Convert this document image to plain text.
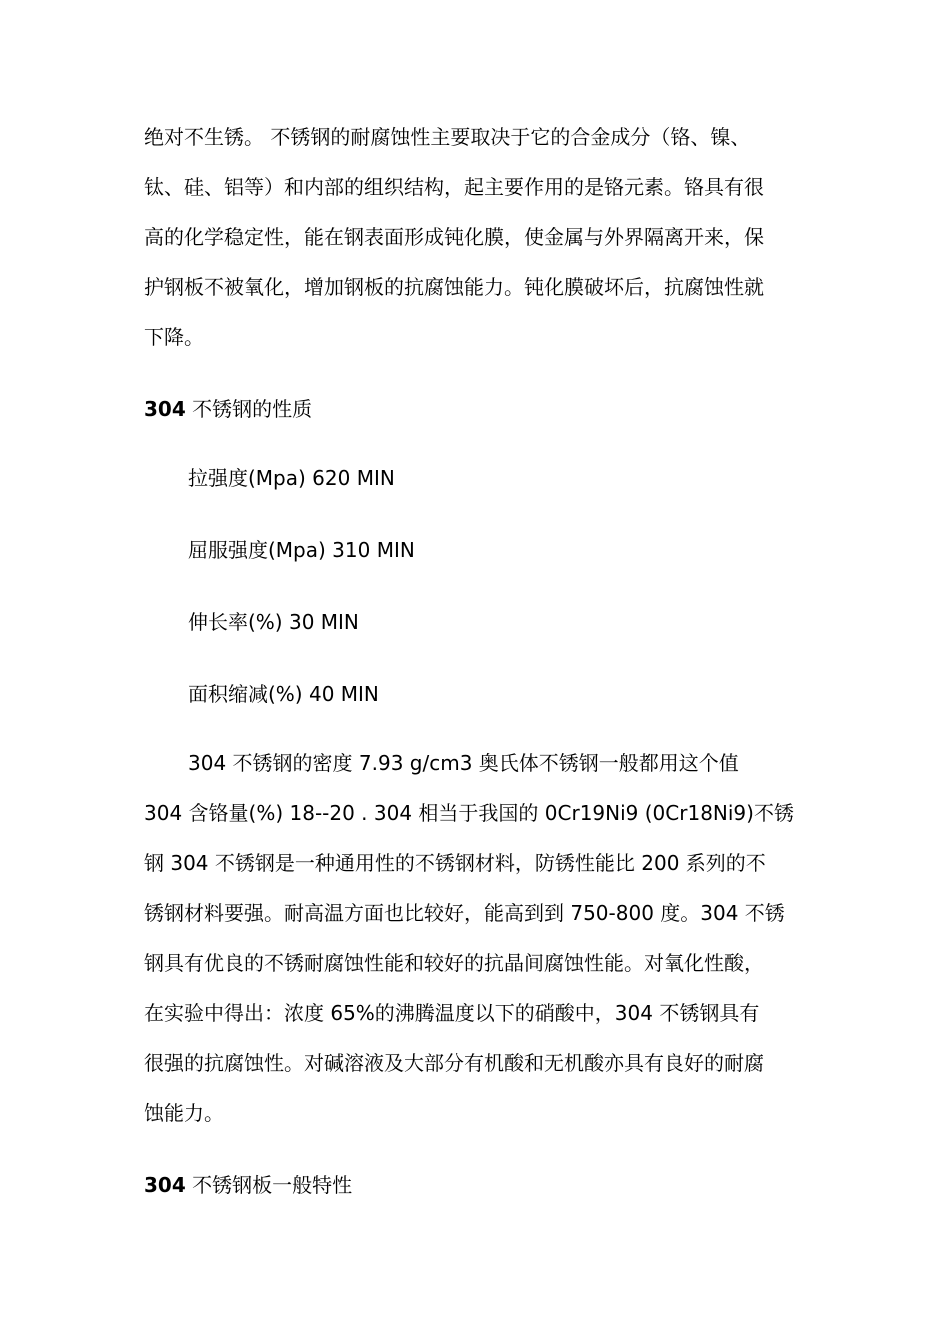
绝对不生锈。 不锈钢的耐腐蚀性主要取决于它的合金成分（铬、镍、
钛、硅、铝等）和内部的组织结构，起主要作用的是铬元素。铬具有很
高的化学稳定性，能在钢表面形成钝化膜，使金属与外界隔离开来，保
护钢板不被氧化，增加钢板的抗腐蚀能力。钝化膜破坏后，抗腐蚀性就
下降。

304 不锈钢的性质

拉强度(Mpa) 620 MIN

屈服强度(Mpa) 310 MIN

伸长率(%) 30 MIN

面积缩减(%) 40 MIN

304 不锈钢的密度 7.93 g/cm3 奥氏体不锈钢一般都用这个值
304 含铬量(%) 18--20 . 304 相当于我国的 0Cr19Ni9 (0Cr18Ni9)不锈
钢 304 不锈钢是一种通用性的不锈钢材料，防锈性能比 200 系列的不
锈钢材料要强。耐高温方面也比较好，能高到到 750-800 度。304 不锈
钢具有优良的不锈耐腐蚀性能和较好的抗晶间腐蚀性能。对氧化性酸，
在实验中得出：浓度 65%的沸腾温度以下的硝酸中，304 不锈钢具有
很强的抗腐蚀性。对碱溶液及大部分有机酸和无机酸亦具有良好的耐腐
蚀能力。

304 不锈钢板一般特性
